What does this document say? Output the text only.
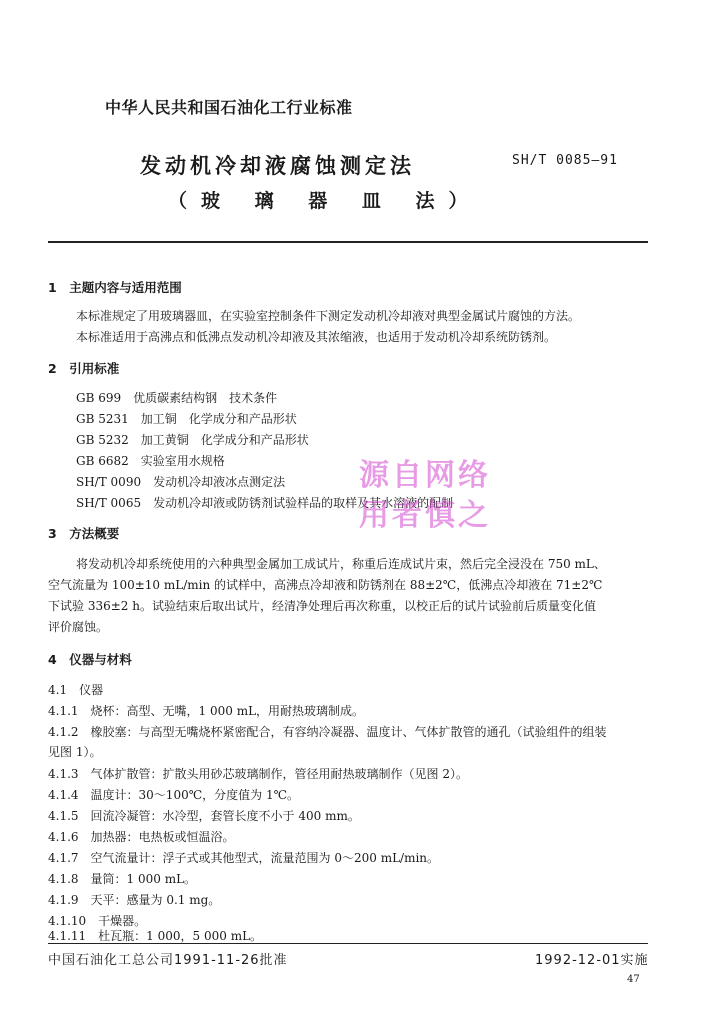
中华人民共和国石油化工行业标准
发动机冷却液腐蚀测定法
（玻 璃 器 皿 法）
SH/T 0085—91
1　主题内容与适用范围
本标准规定了用玻璃器皿，在实验室控制条件下测定发动机冷却液对典型金属试片腐蚀的方法。
本标准适用于高沸点和低沸点发动机冷却液及其浓缩液，也适用于发动机冷却系统防锈剂。
2　引用标准
GB 699　优质碳素结构钢　技术条件
GB 5231　加工铜　化学成分和产品形状
GB 5232　加工黄铜　化学成分和产品形状
GB 6682　实验室用水规格
SH/T 0090　发动机冷却液冰点测定法
SH/T 0065　发动机冷却液或防锈剂试验样品的取样及其水溶液的配制
3　方法概要
将发动机冷却系统使用的六种典型金属加工成试片，称重后连成试片束，然后完全浸没在 750 mL、
空气流量为 100±10 mL/min 的试样中，高沸点冷却液和防锈剂在 88±2℃，低沸点冷却液在 71±2℃
下试验 336±2 h。试验结束后取出试片，经清净处理后再次称重，以校正后的试片试验前后质量变化值
评价腐蚀。
4　仪器与材料
4.1　仪器
4.1.1　烧杯：高型、无嘴，1 000 mL，用耐热玻璃制成。
4.1.2　橡胶塞：与高型无嘴烧杯紧密配合，有容纳冷凝器、温度计、气体扩散管的通孔（试验组件的组装
见图 1）。
4.1.3　气体扩散管：扩散头用砂芯玻璃制作，管径用耐热玻璃制作（见图 2）。
4.1.4　温度计：30～100℃，分度值为 1℃。
4.1.5　回流冷凝管：水冷型，套管长度不小于 400 mm。
4.1.6　加热器：电热板或恒温浴。
4.1.7　空气流量计：浮子式或其他型式，流量范围为 0～200 mL/min。
4.1.8　量筒：1 000 mL。
4.1.9　天平：感量为 0.1 mg。
4.1.10　干燥器。
4.1.11　杜瓦瓶：1 000，5 000 mL。
源自网络
用者慎之
中国石油化工总公司1991-11-26批准	1992-12-01实施
47
